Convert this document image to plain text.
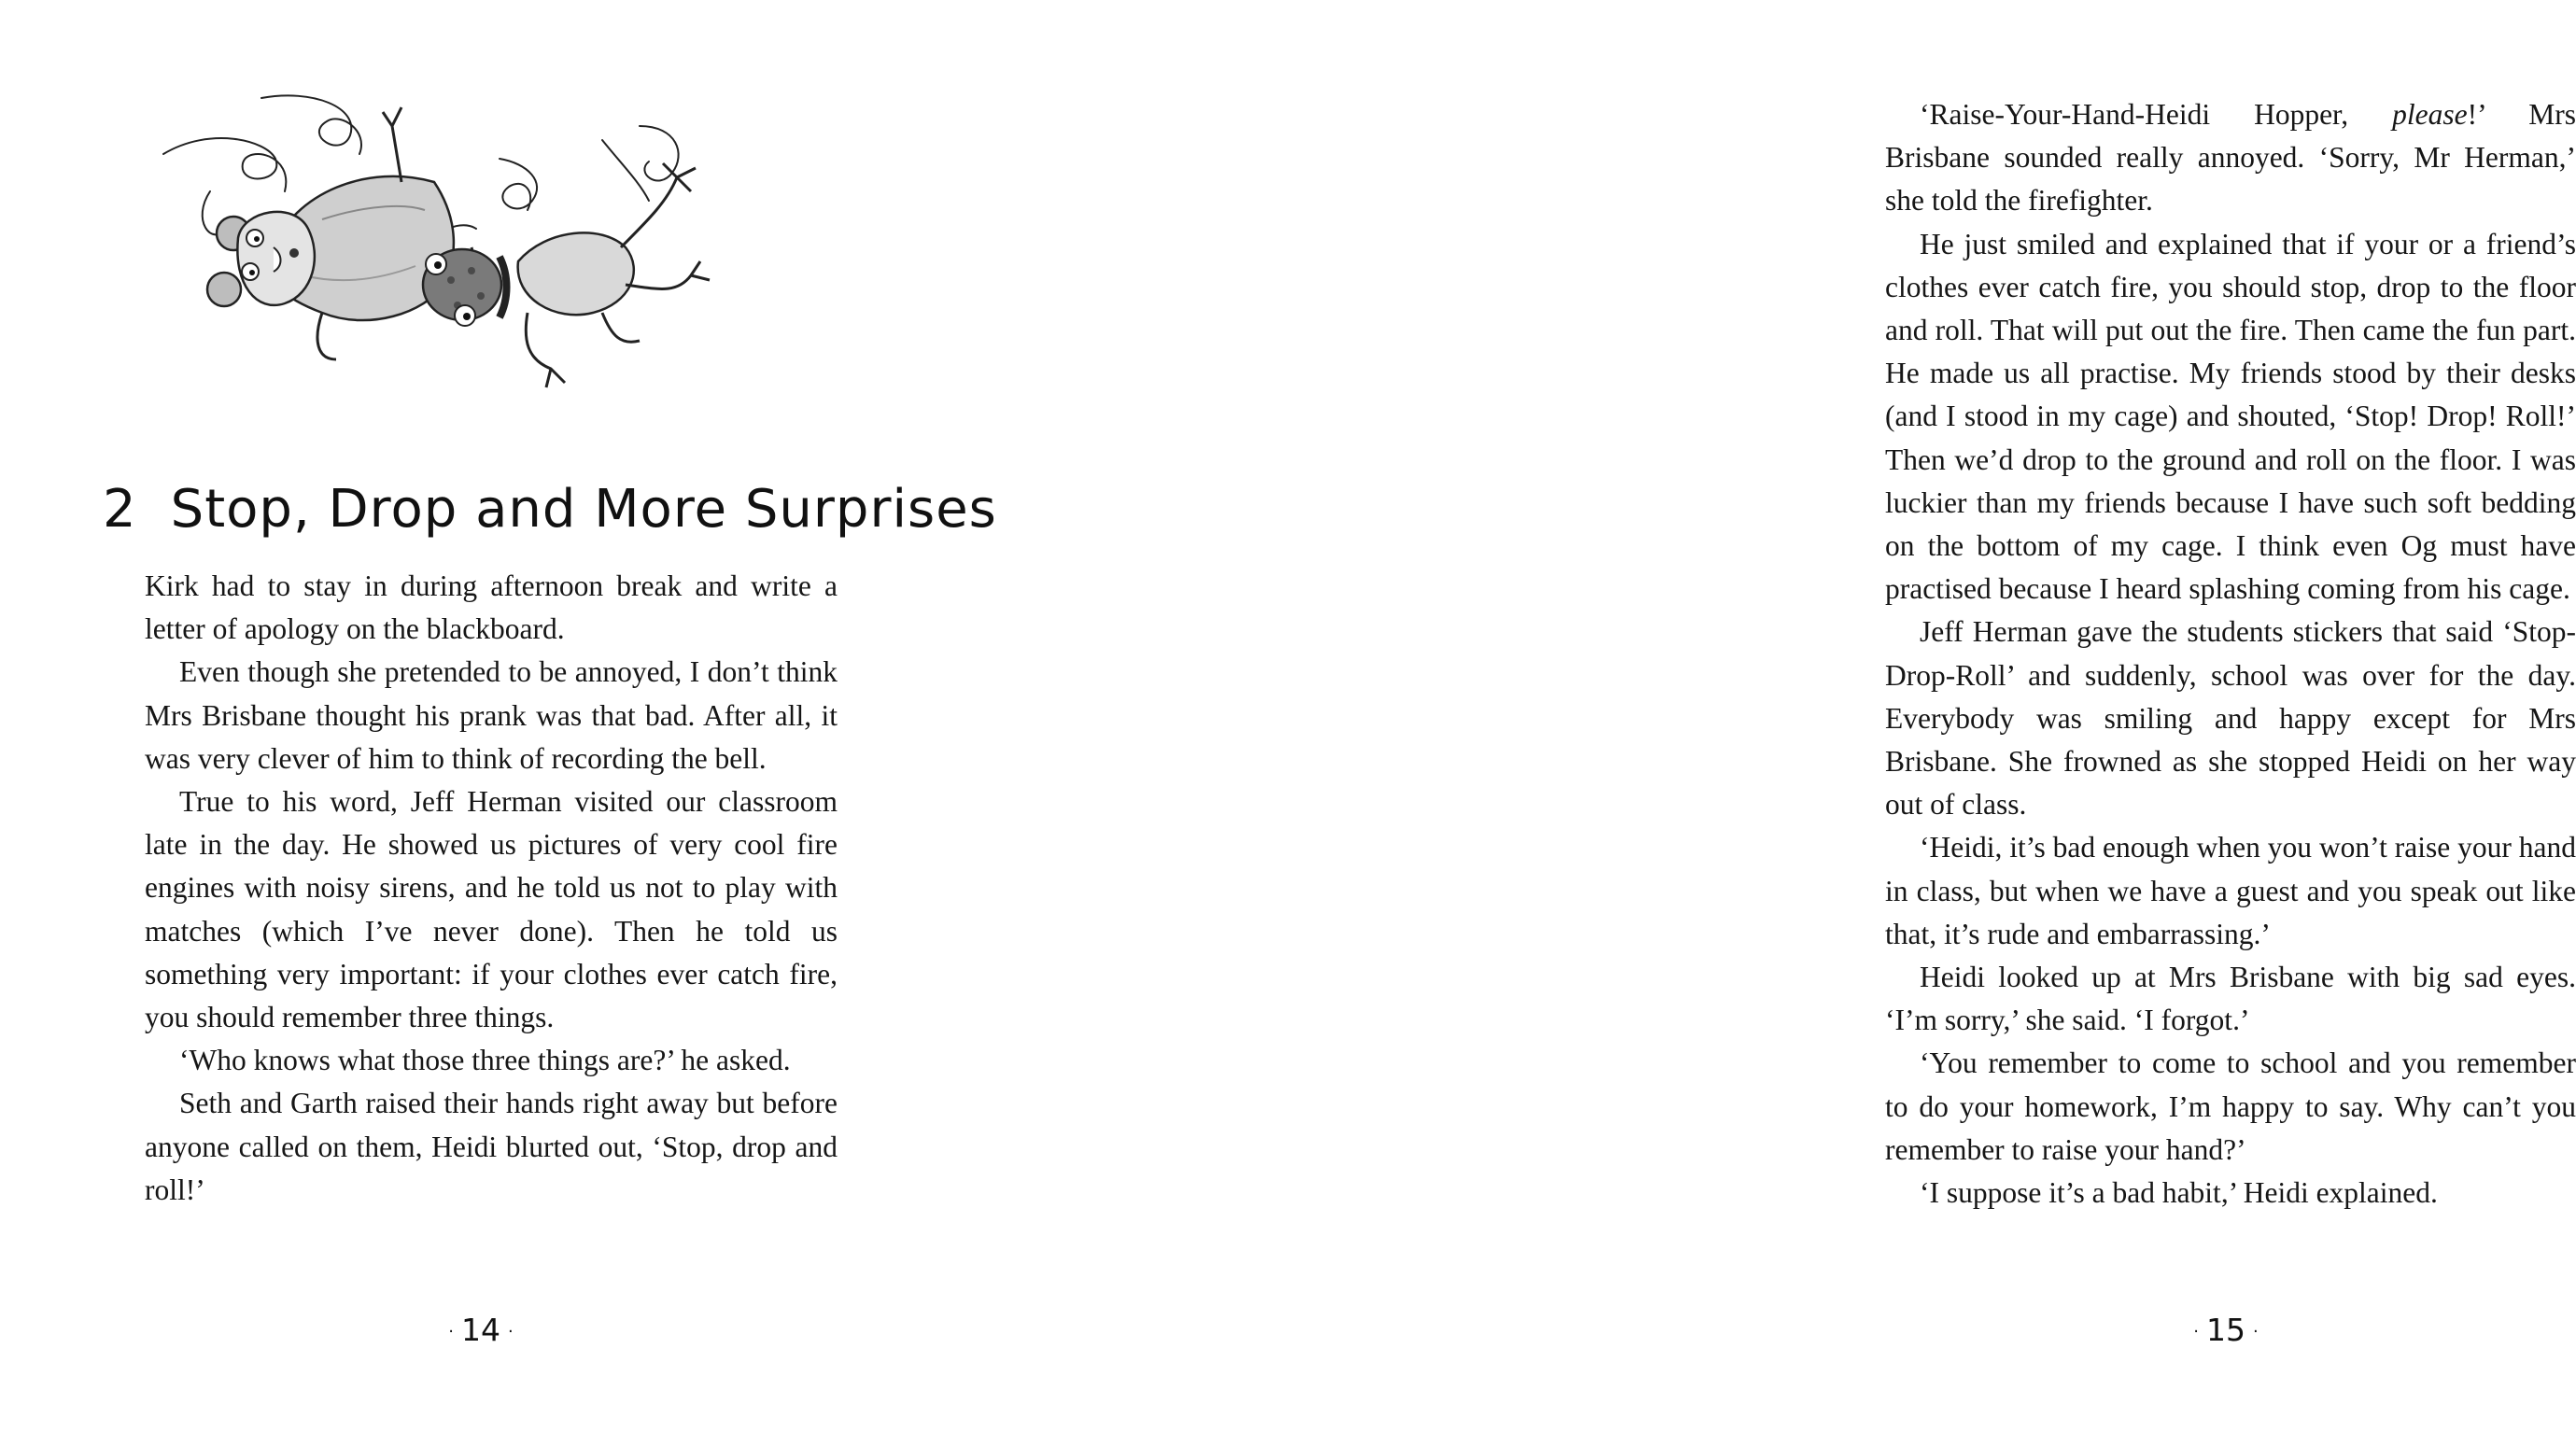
2 Stop, Drop and More Surprises

Kirk had to stay in during afternoon break and write a letter of apology on the blackboard.

Even though she pretended to be annoyed, I don’t think Mrs Brisbane thought his prank was that bad. After all, it was very clever of him to think of recording the bell.

True to his word, Jeff Herman visited our classroom late in the day. He showed us pictures of very cool fire engines with noisy sirens, and he told us not to play with matches (which I’ve never done). Then he told us something very important: if your clothes ever catch fire, you should remember three things.

‘Who knows what those three things are?’ he asked.

Seth and Garth raised their hands right away but before anyone called on them, Heidi blurted out, ‘Stop, drop and roll!’

· 14 ·

‘Raise-Your-Hand-Heidi Hopper, please!’ Mrs Brisbane sounded really annoyed. ‘Sorry, Mr Herman,’ she told the firefighter.

He just smiled and explained that if your or a friend’s clothes ever catch fire, you should stop, drop to the floor and roll. That will put out the fire. Then came the fun part. He made us all practise. My friends stood by their desks (and I stood in my cage) and shouted, ‘Stop! Drop! Roll!’ Then we’d drop to the ground and roll on the floor. I was luckier than my friends because I have such soft bedding on the bottom of my cage. I think even Og must have practised because I heard splashing coming from his cage.

Jeff Herman gave the students stickers that said ‘Stop-Drop-Roll’ and suddenly, school was over for the day. Everybody was smiling and happy except for Mrs Brisbane. She frowned as she stopped Heidi on her way out of class.

‘Heidi, it’s bad enough when you won’t raise your hand in class, but when we have a guest and you speak out like that, it’s rude and embarrassing.’

Heidi looked up at Mrs Brisbane with big sad eyes. ‘I’m sorry,’ she said. ‘I forgot.’

‘You remember to come to school and you remember to do your homework, I’m happy to say. Why can’t you remember to raise your hand?’

‘I suppose it’s a bad habit,’ Heidi explained.

· 15 ·
